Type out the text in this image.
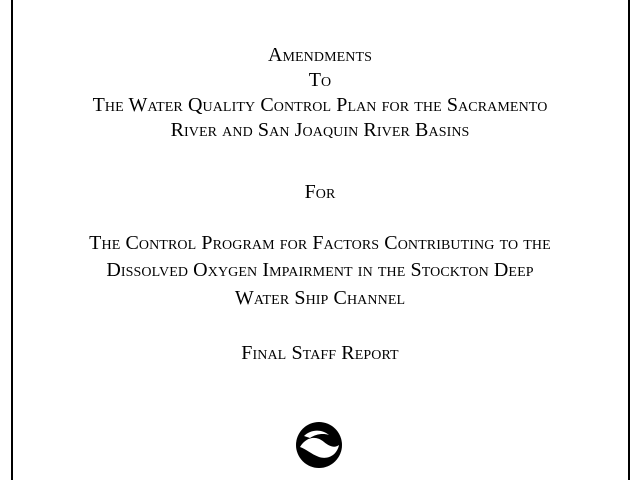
Amendments

To

The Water Quality Control Plan for the Sacramento

River and San Joaquin River Basins

For

The Control Program for Factors Contributing to the

Dissolved Oxygen Impairment in the Stockton Deep

Water Ship Channel

Final Staff Report
